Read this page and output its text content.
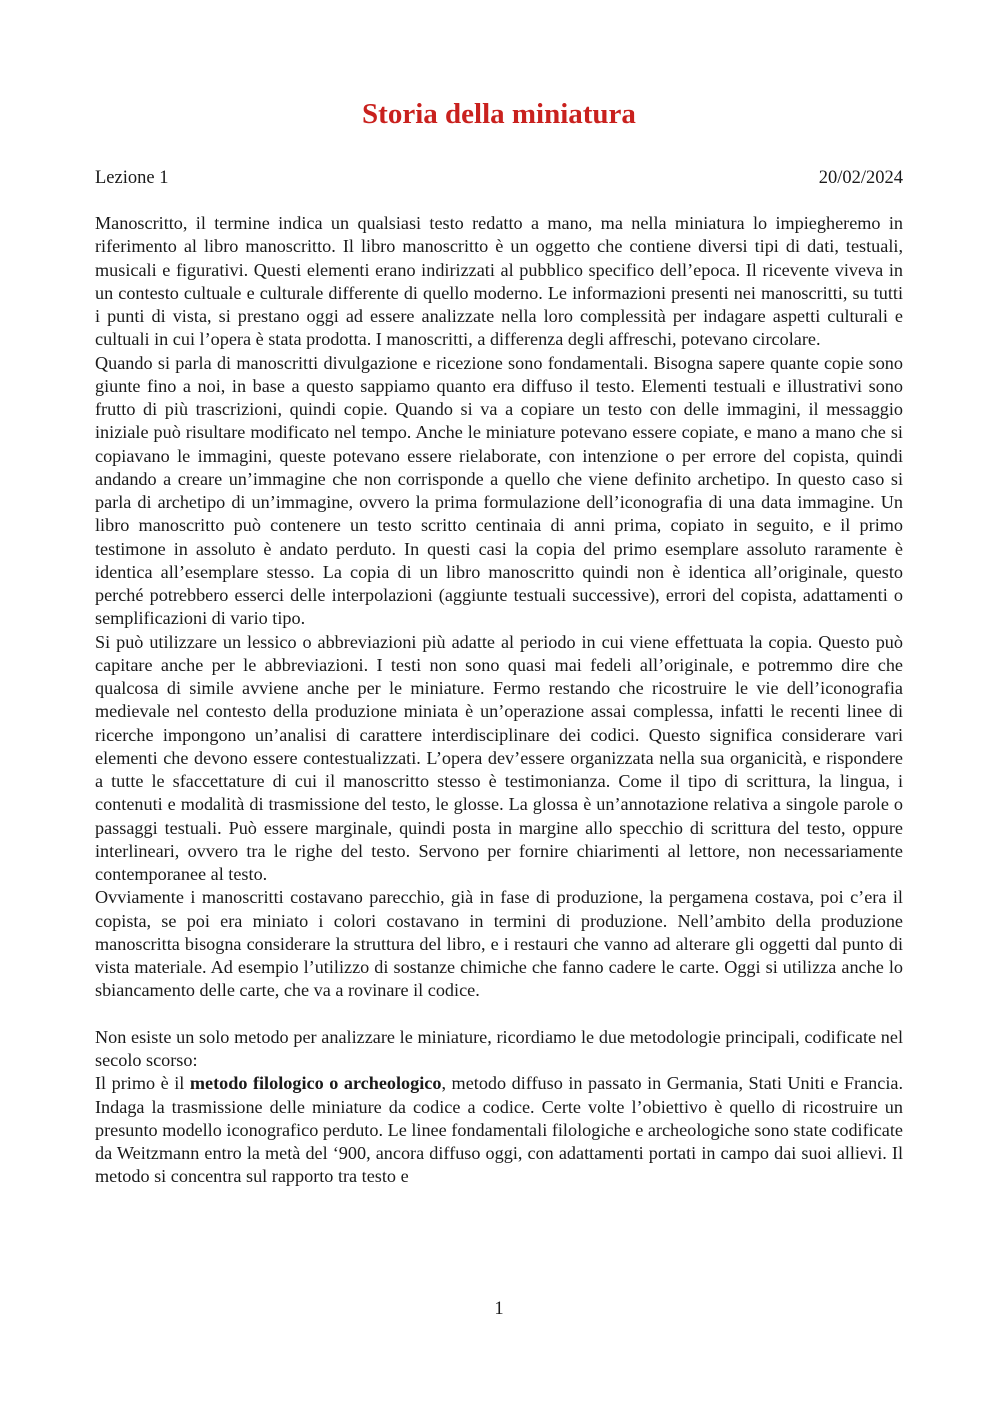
Storia della miniatura
Lezione 1	20/02/2024

Manoscritto, il termine indica un qualsiasi testo redatto a mano, ma nella miniatura lo impiegheremo in riferimento al libro manoscritto. Il libro manoscritto è un oggetto che contiene diversi tipi di dati, testuali, musicali e figurativi. Questi elementi erano indirizzati al pubblico specifico dell’epoca. Il ricevente viveva in un contesto cultuale e culturale differente di quello moderno. Le informazioni presenti nei manoscritti, su tutti i punti di vista, si prestano oggi ad essere analizzate nella loro complessità per indagare aspetti culturali e cultuali in cui l’opera è stata prodotta. I manoscritti, a differenza degli affreschi, potevano circolare.

Quando si parla di manoscritti divulgazione e ricezione sono fondamentali. Bisogna sapere quante copie sono giunte fino a noi, in base a questo sappiamo quanto era diffuso il testo. Elementi testuali e illustrativi sono frutto di più trascrizioni, quindi copie. Quando si va a copiare un testo con delle immagini, il messaggio iniziale può risultare modificato nel tempo. Anche le miniature potevano essere copiate, e mano a mano che si copiavano le immagini, queste potevano essere rielaborate, con intenzione o per errore del copista, quindi andando a creare un’immagine che non corrisponde a quello che viene definito archetipo. In questo caso si parla di archetipo di un’immagine, ovvero la prima formulazione dell’iconografia di una data immagine. Un libro manoscritto può contenere un testo scritto centinaia di anni prima, copiato in seguito, e il primo testimone in assoluto è andato perduto. In questi casi la copia del primo esemplare assoluto raramente è identica all’esemplare stesso. La copia di un libro manoscritto quindi non è identica all’originale, questo perché potrebbero esserci delle interpolazioni (aggiunte testuali successive), errori del copista, adattamenti o semplificazioni di vario tipo.

Si può utilizzare un lessico o abbreviazioni più adatte al periodo in cui viene effettuata la copia. Questo può capitare anche per le abbreviazioni. I testi non sono quasi mai fedeli all’originale, e potremmo dire che qualcosa di simile avviene anche per le miniature. Fermo restando che ricostruire le vie dell’iconografia medievale nel contesto della produzione miniata è un’operazione assai complessa, infatti le recenti linee di ricerche impongono un’analisi di carattere interdisciplinare dei codici. Questo significa considerare vari elementi che devono essere contestualizzati. L’opera dev’essere organizzata nella sua organicità, e rispondere a tutte le sfaccettature di cui il manoscritto stesso è testimonianza. Come il tipo di scrittura, la lingua, i contenuti e modalità di trasmissione del testo, le glosse. La glossa è un’annotazione relativa a singole parole o passaggi testuali. Può essere marginale, quindi posta in margine allo specchio di scrittura del testo, oppure interlineari, ovvero tra le righe del testo. Servono per fornire chiarimenti al lettore, non necessariamente contemporanee al testo.

Ovviamente i manoscritti costavano parecchio, già in fase di produzione, la pergamena costava, poi c’era il copista, se poi era miniato i colori costavano in termini di produzione. Nell’ambito della produzione manoscritta bisogna considerare la struttura del libro, e i restauri che vanno ad alterare gli oggetti dal punto di vista materiale. Ad esempio l’utilizzo di sostanze chimiche che fanno cadere le carte. Oggi si utilizza anche lo sbiancamento delle carte, che va a rovinare il codice.

Non esiste un solo metodo per analizzare le miniature, ricordiamo le due metodologie principali, codificate nel secolo scorso:

Il primo è il metodo filologico o archeologico, metodo diffuso in passato in Germania, Stati Uniti e Francia. Indaga la trasmissione delle miniature da codice a codice. Certe volte l’obiettivo è quello di ricostruire un presunto modello iconografico perduto. Le linee fondamentali filologiche e archeologiche sono state codificate da Weitzmann entro la metà del ‘900, ancora diffuso oggi, con adattamenti portati in campo dai suoi allievi. Il metodo si concentra sul rapporto tra testo e

1
